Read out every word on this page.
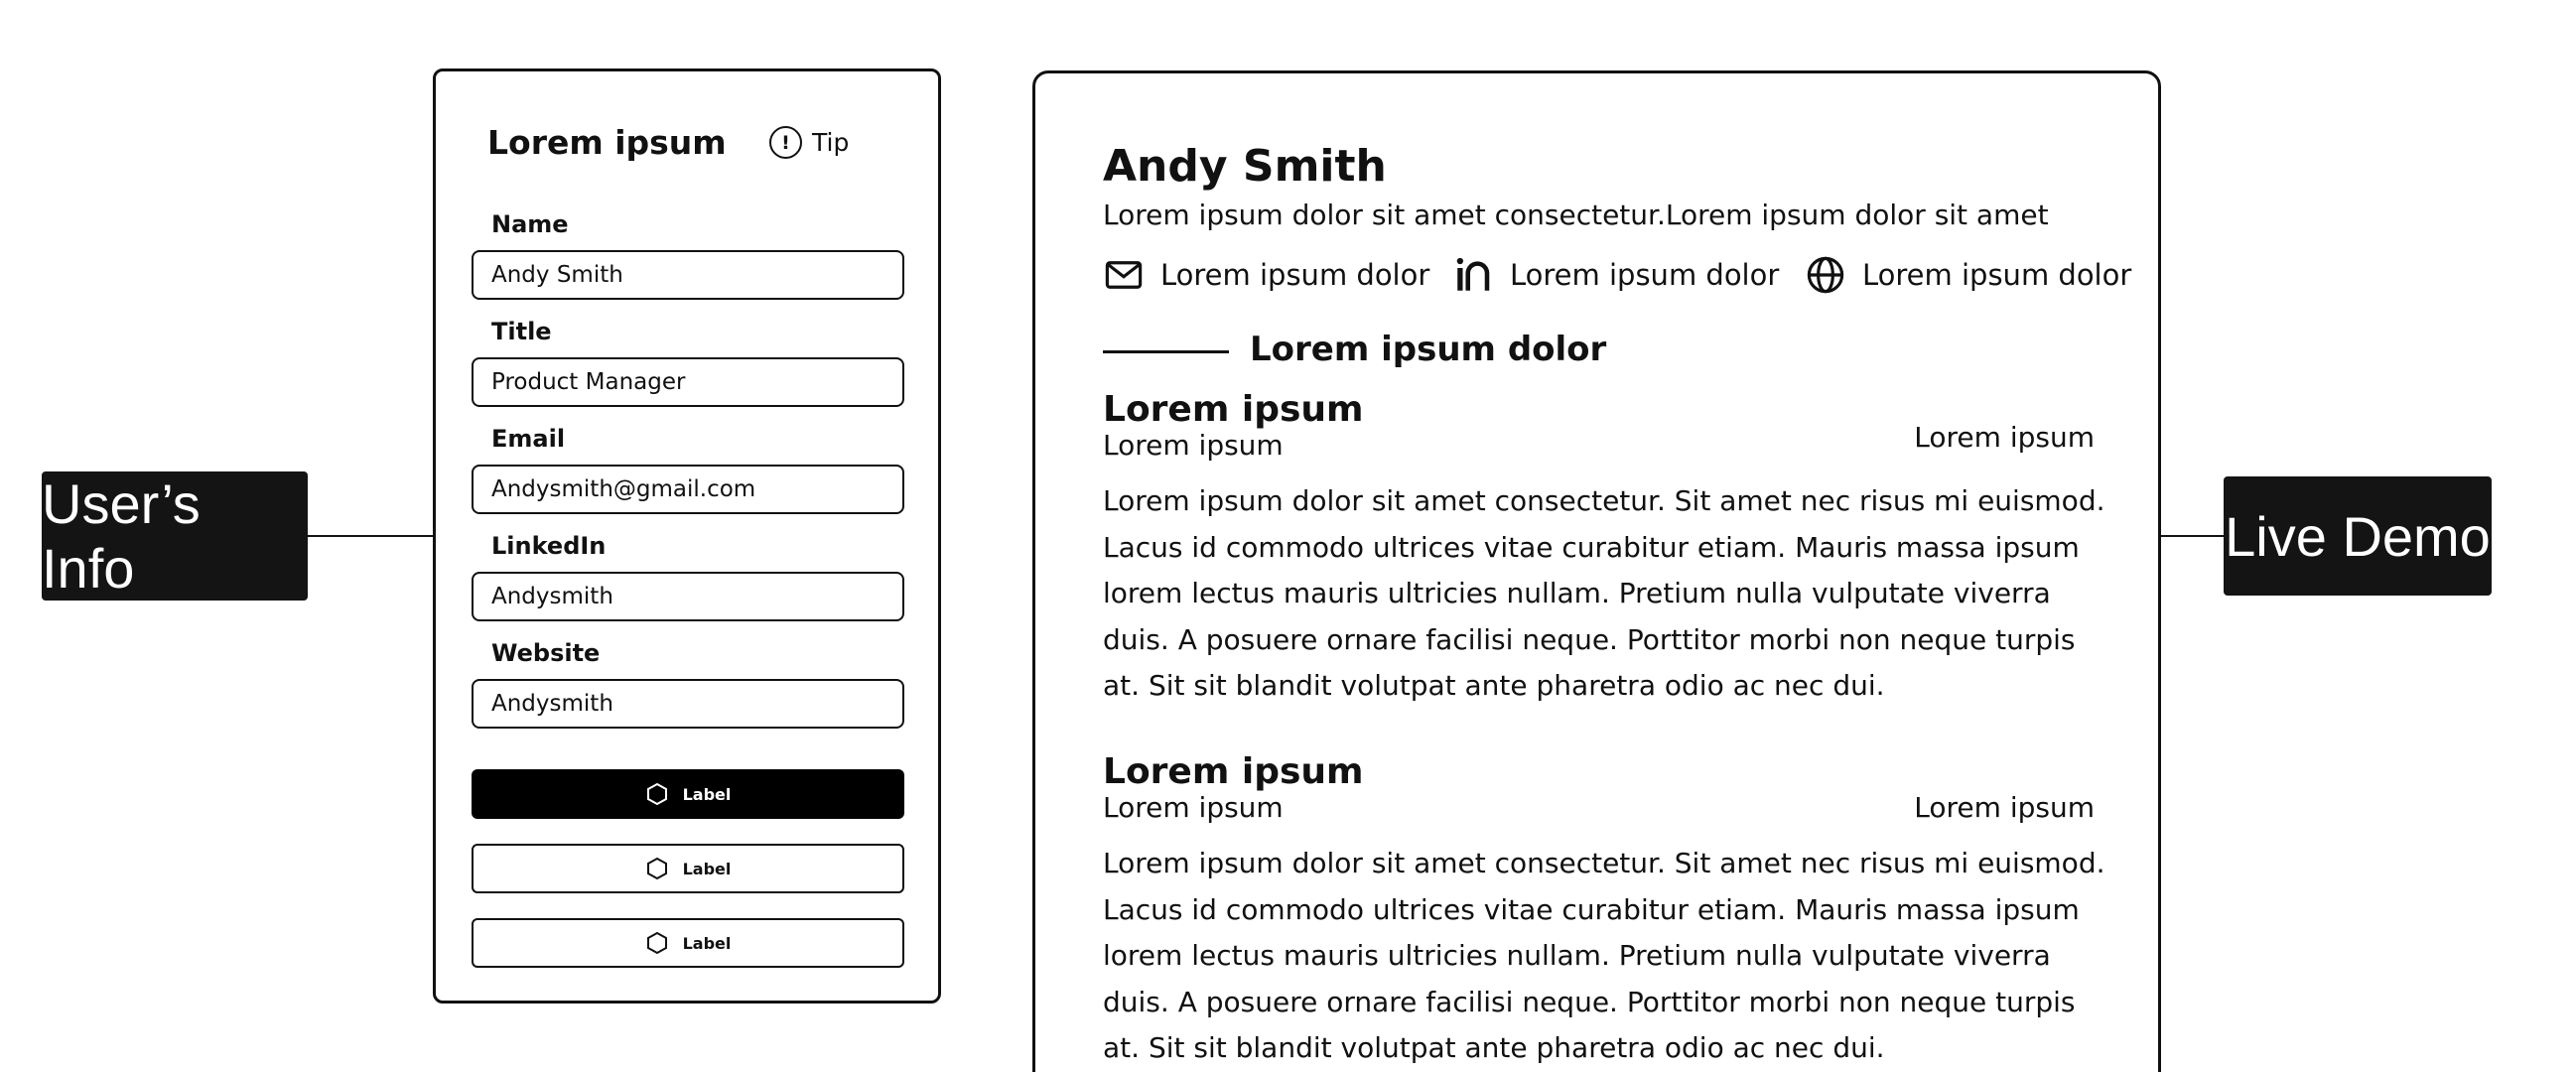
User’s Info
Live Demo
Lorem ipsum	! Tip
Name
Andy Smith
Title
Product Manager
Email
Andysmith@gmail.com
LinkedIn
Andysmith
Website
Andysmith
Label
Label
Label
Andy Smith
Lorem ipsum dolor sit amet consectetur.Lorem ipsum dolor sit amet
Lorem ipsum dolor	Lorem ipsum dolor	Lorem ipsum dolor
Lorem ipsum dolor
Lorem ipsum
Lorem ipsum	Lorem ipsum
Lorem ipsum dolor sit amet consectetur. Sit amet nec risus mi euismod. Lacus id commodo ultrices vitae curabitur etiam. Mauris massa ipsum lorem lectus mauris ultricies nullam. Pretium nulla vulputate viverra duis. A posuere ornare facilisi neque. Porttitor morbi non neque turpis at. Sit sit blandit volutpat ante pharetra odio ac nec dui.
Lorem ipsum
Lorem ipsum	Lorem ipsum
Lorem ipsum dolor sit amet consectetur. Sit amet nec risus mi euismod. Lacus id commodo ultrices vitae curabitur etiam. Mauris massa ipsum lorem lectus mauris ultricies nullam. Pretium nulla vulputate viverra duis. A posuere ornare facilisi neque. Porttitor morbi non neque turpis at. Sit sit blandit volutpat ante pharetra odio ac nec dui.
